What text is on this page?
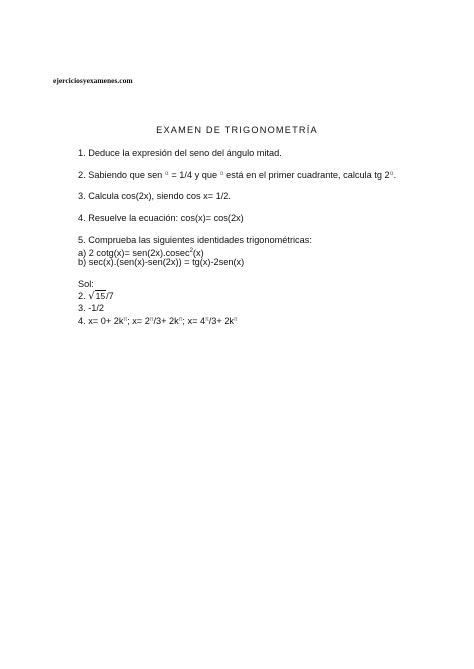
ejerciciosyexamenes.com
EXAMEN DE TRIGONOMETRÍA
1. Deduce la expresión del seno del ángulo mitad.
2. Sabiendo que sen $^\alpha$ = 1/4 y que $^\alpha$ está en el primer cuadrante, calcula tg $2^\alpha$.
3. Calcula cos(2x), siendo cos x= 1/2.
4. Resuelve la ecuación: cos(x)= cos(2x)
5. Comprueba las siguientes identidades trigonométricas:
a) 2 cotg(x)= sen(2x).cosec$^2$(x)
b) sec(x).(sen(x)-sen(2x)) = tg(x)-2sen(x)
Sol:
2. √15/7
3. -1/2
4. $x= 0+ 2k^\pi$; $x= 2^\pi/3+ 2k^\pi$; $x= 4^\pi/3+ 2k^\pi$
